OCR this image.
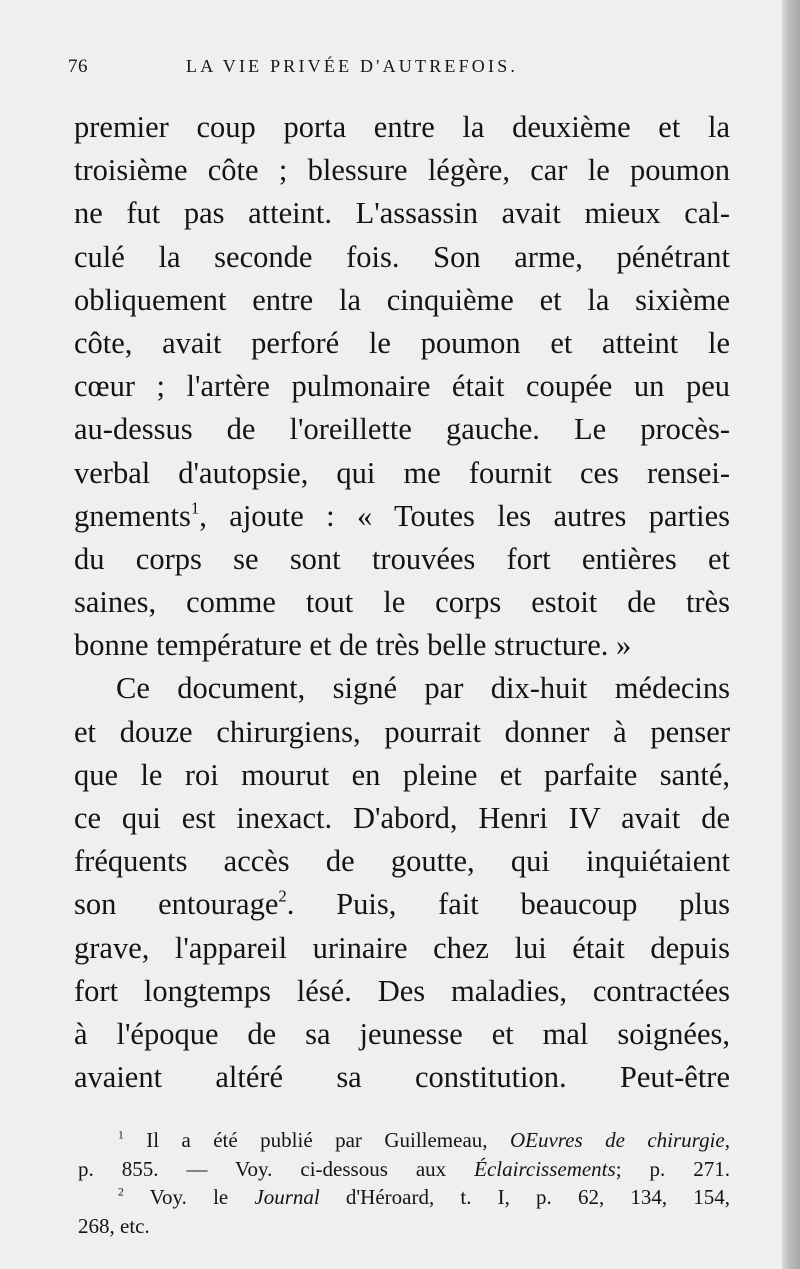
76	LA VIE PRIVÉE D'AUTREFOIS.
premier coup porta entre la deuxième et la
troisième côte ; blessure légère, car le poumon
ne fut pas atteint. L'assassin avait mieux cal-
culé la seconde fois. Son arme, pénétrant
obliquement entre la cinquième et la sixième
côte, avait perforé le poumon et atteint le
cœur ; l'artère pulmonaire était coupée un peu
au-dessus de l'oreillette gauche. Le procès-
verbal d'autopsie, qui me fournit ces rensei-
gnements$^1$, ajoute : « Toutes les autres parties
du corps se sont trouvées fort entières et
saines, comme tout le corps estoit de très
bonne température et de très belle structure. »
Ce document, signé par dix-huit médecins
et douze chirurgiens, pourrait donner à penser
que le roi mourut en pleine et parfaite santé,
ce qui est inexact. D'abord, Henri IV avait de
fréquents accès de goutte, qui inquiétaient
son entourage$^2$. Puis, fait beaucoup plus
grave, l'appareil urinaire chez lui était depuis
fort longtemps lésé. Des maladies, contractées
à l'époque de sa jeunesse et mal soignées,
avaient altéré sa constitution. Peut-être
$^1$ Il a été publié par Guillemeau, OEuvres de chirurgie,
p. 855. — Voy. ci-dessous aux Éclaircissements; p. 271.
$^2$ Voy. le Journal d'Héroard, t. I, p. 62, 134, 154,
268, etc.
